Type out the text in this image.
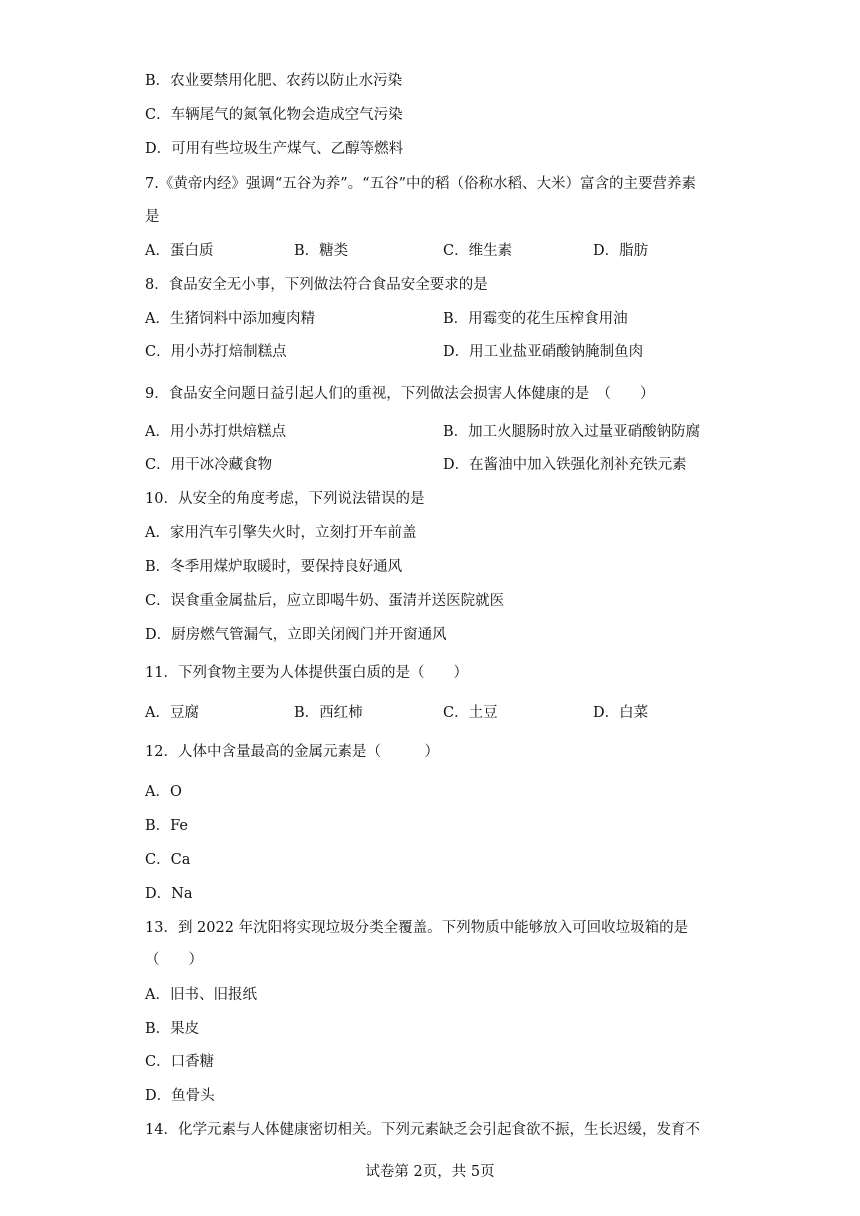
B．农业要禁用化肥、农药以防止水污染
C．车辆尾气的氮氧化物会造成空气污染
D．可用有些垃圾生产煤气、乙醇等燃料
7.《黄帝内经》强调“五谷为养”。“五谷”中的稻（俗称水稻、大米）富含的主要营养素
是
A．蛋白质	B．糖类	C．维生素	D．脂肪
8．食品安全无小事，下列做法符合食品安全要求的是
A．生猪饲料中添加瘦肉精	B．用霉变的花生压榨食用油
C．用小苏打焙制糕点	D．用工业盐亚硝酸钠腌制鱼肉
9．食品安全问题日益引起人们的重视，下列做法会损害人体健康的是　（　　）
A．用小苏打烘焙糕点	B．加工火腿肠时放入过量亚硝酸钠防腐
C．用干冰冷藏食物	D．在酱油中加入铁强化剂补充铁元素
10．从安全的角度考虑，下列说法错误的是
A．家用汽车引擎失火时，立刻打开车前盖
B．冬季用煤炉取暖时，要保持良好通风
C．误食重金属盐后，应立即喝牛奶、蛋清并送医院就医
D．厨房燃气管漏气，立即关闭阀门并开窗通风
11．下列食物主要为人体提供蛋白质的是（　　）
A．豆腐	B．西红柿	C．土豆	D．白菜
12．人体中含量最高的金属元素是（　　　）
A．O
B．Fe
C．Ca
D．Na
13．到 2022 年沈阳将实现垃圾分类全覆盖。下列物质中能够放入可回收垃圾箱的是
（　　）
A．旧书、旧报纸
B．果皮
C．口香糖
D．鱼骨头
14．化学元素与人体健康密切相关。下列元素缺乏会引起食欲不振，生长迟缓，发育不
试卷第 2页，共 5页
